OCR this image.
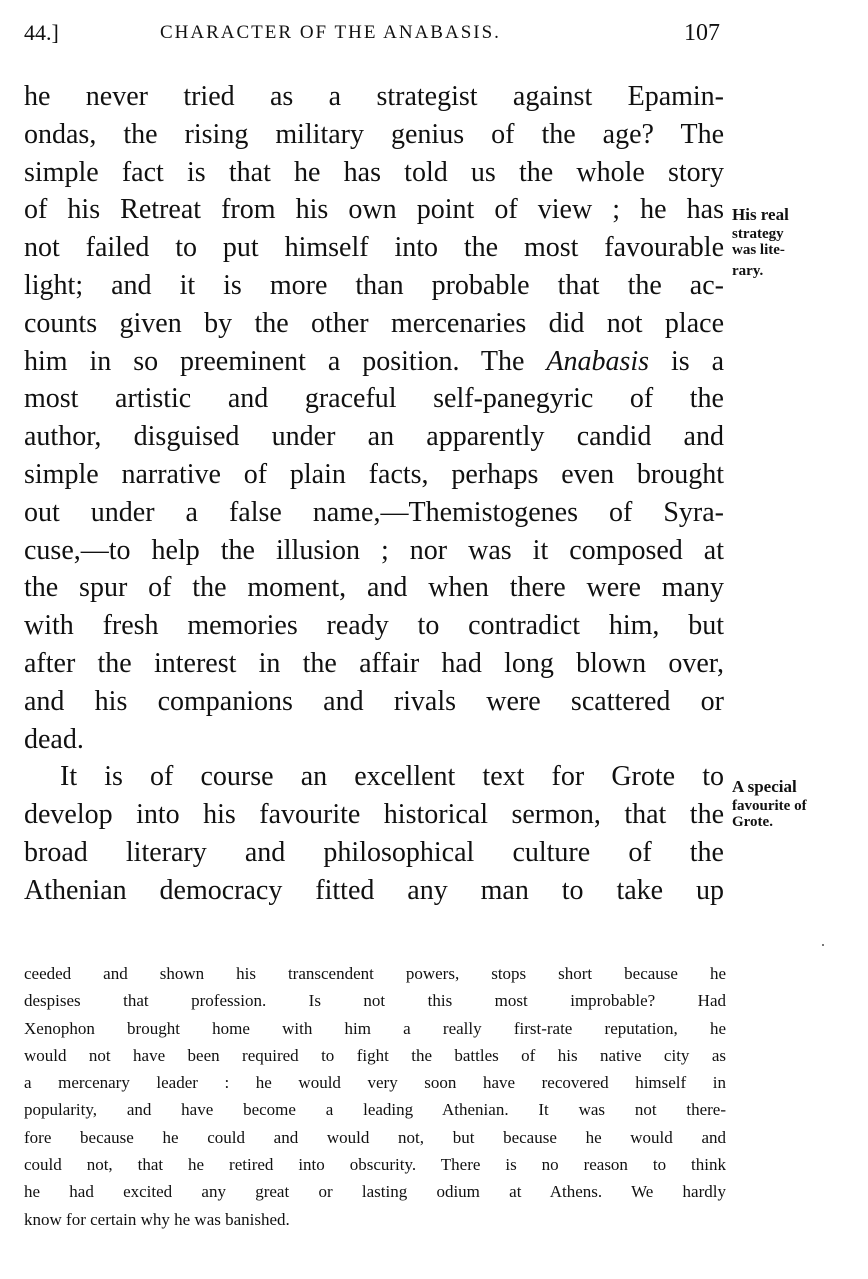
44.]	CHARACTER OF THE ANABASIS.	107
he never tried as a strategist against Epamin-
ondas, the rising military genius of the age? The
simple fact is that he has told us the whole story
of his Retreat from his own point of view ; he has
not failed to put himself into the most favourable
light; and it is more than probable that the ac-
counts given by the other mercenaries did not place
him in so preeminent a position. The Anabasis is a
most artistic and graceful self-panegyric of the
author, disguised under an apparently candid and
simple narrative of plain facts, perhaps even brought
out under a false name,—Themistogenes of Syra-
cuse,—to help the illusion ; nor was it composed at
the spur of the moment, and when there were many
with fresh memories ready to contradict him, but
after the interest in the affair had long blown over,
and his companions and rivals were scattered or
dead.
It is of course an excellent text for Grote to
develop into his favourite historical sermon, that the
broad literary and philosophical culture of the
Athenian democracy fitted any man to take up
His real
strategy
was lite-
rary.
A special
favourite of
Grote.
ceeded and shown his transcendent powers, stops short because he
despises that profession. Is not this most improbable? Had
Xenophon brought home with him a really first-rate reputation, he
would not have been required to fight the battles of his native city as
a mercenary leader : he would very soon have recovered himself in
popularity, and have become a leading Athenian. It was not there-
fore because he could and would not, but because he would and
could not, that he retired into obscurity. There is no reason to think
he had excited any great or lasting odium at Athens. We hardly
know for certain why he was banished.
